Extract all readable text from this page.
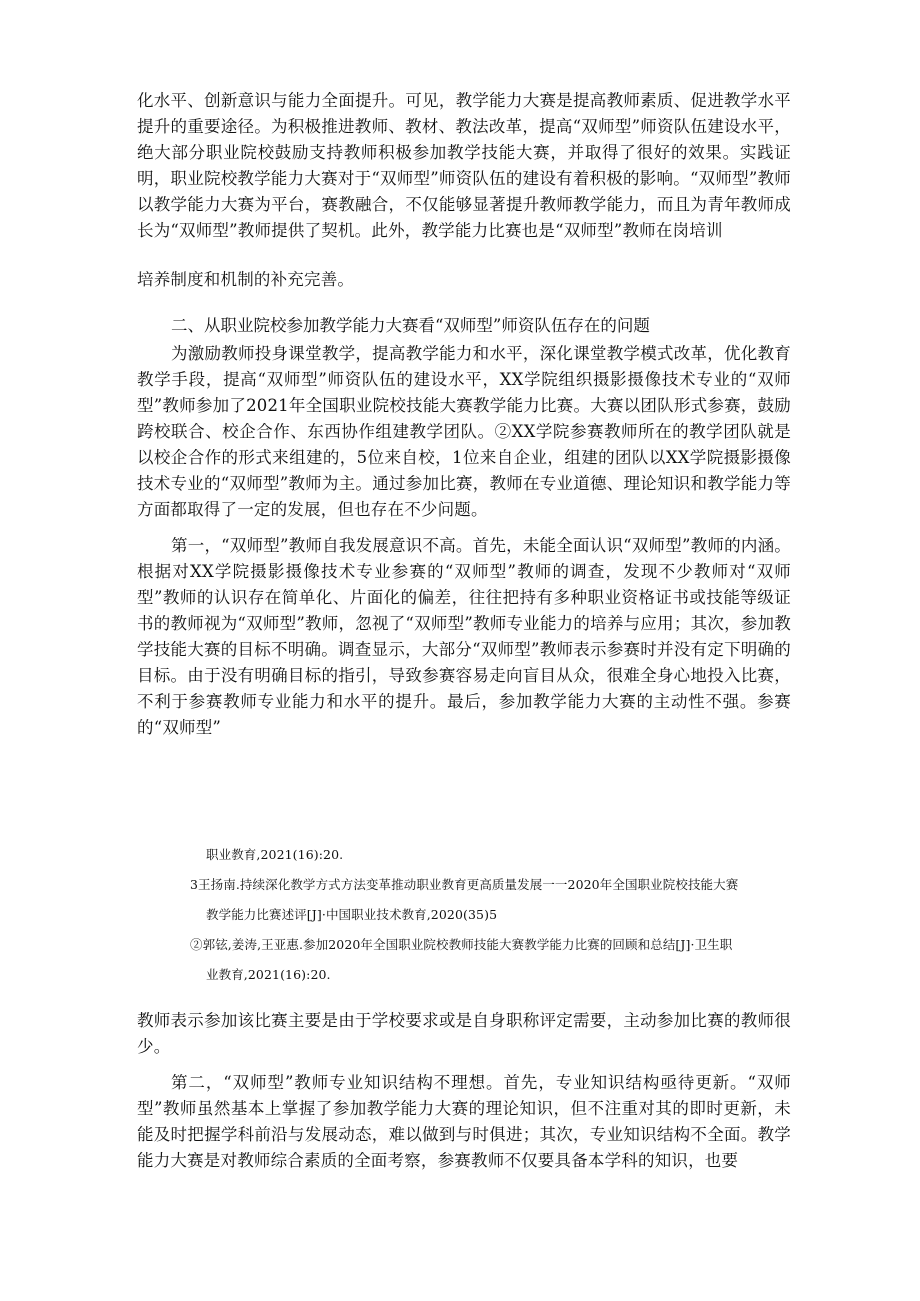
化水平、创新意识与能力全面提升。可见，教学能力大赛是提高教师素质、促进教学水平提升的重要途径。为积极推进教师、教材、教法改革，提高“双师型”师资队伍建设水平，绝大部分职业院校鼓励支持教师积极参加教学技能大赛，并取得了很好的效果。实践证明，职业院校教学能力大赛对于“双师型”师资队伍的建设有着积极的影响。“双师型”教师以教学能力大赛为平台，赛教融合，不仅能够显著提升教师教学能力，而且为青年教师成长为“双师型”教师提供了契机。此外，教学能力比赛也是“双师型”教师在岗培训

培养制度和机制的补充完善。

二、从职业院校参加教学能力大赛看“双师型”师资队伍存在的问题

为激励教师投身课堂教学，提高教学能力和水平，深化课堂教学模式改革，优化教育教学手段，提高“双师型”师资队伍的建设水平，XX学院组织摄影摄像技术专业的“双师型”教师参加了2021年全国职业院校技能大赛教学能力比赛。大赛以团队形式参赛，鼓励跨校联合、校企合作、东西协作组建教学团队。②XX学院参赛教师所在的教学团队就是以校企合作的形式来组建的，5位来自校，1位来自企业，组建的团队以XX学院摄影摄像技术专业的“双师型”教师为主。通过参加比赛，教师在专业道德、理论知识和教学能力等方面都取得了一定的发展，但也存在不少问题。

第一，“双师型”教师自我发展意识不高。首先，未能全面认识“双师型”教师的内涵。根据对XX学院摄影摄像技术专业参赛的“双师型”教师的调查，发现不少教师对“双师型”教师的认识存在简单化、片面化的偏差，往往把持有多种职业资格证书或技能等级证书的教师视为“双师型”教师，忽视了“双师型”教师专业能力的培养与应用；其次，参加教学技能大赛的目标不明确。调查显示，大部分“双师型”教师表示参赛时并没有定下明确的目标。由于没有明确目标的指引，导致参赛容易走向盲目从众，很难全身心地投入比赛，不利于参赛教师专业能力和水平的提升。最后，参加教学能力大赛的主动性不强。参赛的“双师型”

职业教育,2021(16):20.

3王扬南.持续深化教学方式方法变革推动职业教育更高质量发展一一2020年全国职业院校技能大赛

教学能力比赛述评[J]·中国职业技术教育,2020(35)5

②郭铉,姜涛,王亚惠.参加2020年全国职业院校教师技能大赛教学能力比赛的回顾和总结[J]·卫生职

业教育,2021(16):20.

教师表示参加该比赛主要是由于学校要求或是自身职称评定需要，主动参加比赛的教师很少。

第二，“双师型”教师专业知识结构不理想。首先，专业知识结构亟待更新。“双师型”教师虽然基本上掌握了参加教学能力大赛的理论知识，但不注重对其的即时更新，未能及时把握学科前沿与发展动态，难以做到与时俱进；其次，专业知识结构不全面。教学能力大赛是对教师综合素质的全面考察，参赛教师不仅要具备本学科的知识，也要
